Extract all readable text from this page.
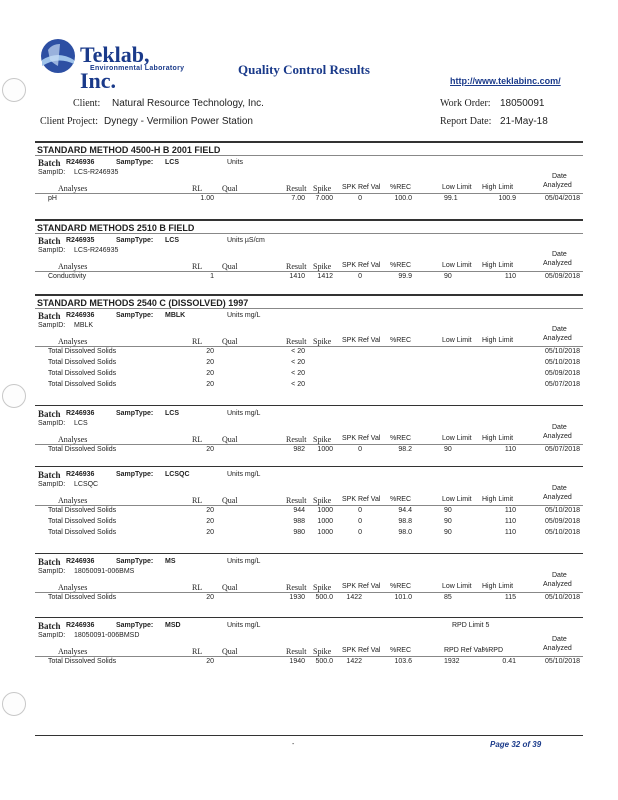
Teklab, Inc.
Environmental Laboratory	Quality Control Results
http://www.teklabinc.com/
Client: Natural Resource Technology, Inc.
Client Project: Dynegy - Vermilion Power Station
Work Order: 18050091
Report Date: 21-May-18
STANDARD METHOD 4500-H B 2001 FIELD
Batch R246936	SampType: LCS	Units
SampID: LCS-R246935
Analyses	RL Qual	Result Spike SPK Ref Val %REC	Low Limit High Limit
Date
Analyzed
pH	1.00	7.00	7.000	0	100.0	99.1	100.9	05/04/2018
STANDARD METHODS 2510 B FIELD
Batch R246935	SampType: LCS	Units µS/cm
SampID: LCS-R246935
Analyses	RL Qual	Result Spike SPK Ref Val %REC	Low Limit High Limit
Date
Analyzed
Conductivity	1	1410	1412	0	99.9	90	110	05/09/2018
STANDARD METHODS 2540 C (DISSOLVED) 1997
Batch R246936	SampType: MBLK	Units mg/L
SampID: MBLK
Analyses	RL Qual	Result Spike SPK Ref Val %REC	Low Limit High Limit
Date
Analyzed
Total Dissolved Solids	20	< 20	05/10/2018
Total Dissolved Solids	20	< 20	05/10/2018
Total Dissolved Solids	20	< 20	05/09/2018
Total Dissolved Solids	20	< 20	05/07/2018
Batch R246936	SampType: LCS	Units mg/L
SampID: LCS
Analyses	RL Qual	Result Spike SPK Ref Val %REC	Low Limit High Limit
Date
Analyzed
Total Dissolved Solids	20	982	1000	0	98.2	90	110	05/07/2018
Batch R246936	SampType: LCSQC	Units mg/L
SampID: LCSQC
Analyses	RL Qual	Result Spike SPK Ref Val %REC	Low Limit High Limit
Date
Analyzed
Total Dissolved Solids	20	944	1000	0	94.4	90	110	05/10/2018
Total Dissolved Solids	20	988	1000	0	98.8	90	110	05/09/2018
Total Dissolved Solids	20	980	1000	0	98.0	90	110	05/10/2018
Batch R246936	SampType: MS	Units mg/L
SampID: 18050091-006BMS
Analyses	RL Qual	Result Spike SPK Ref Val %REC	Low Limit High Limit
Date
Analyzed
Total Dissolved Solids	20	1930	500.0	1422	101.0	85	115	05/10/2018
Batch R246936	SampType: MSD	Units mg/L
SampID: 18050091-006BMSD
RPD Limit 5
Analyses	RL Qual	Result Spike SPK Ref Val %REC	RPD Ref Val
%RPD
Date
Analyzed
Total Dissolved Solids	20	1940	500.0	1422	103.6	1932	0.41	05/10/2018
-	Page 32 of 39
